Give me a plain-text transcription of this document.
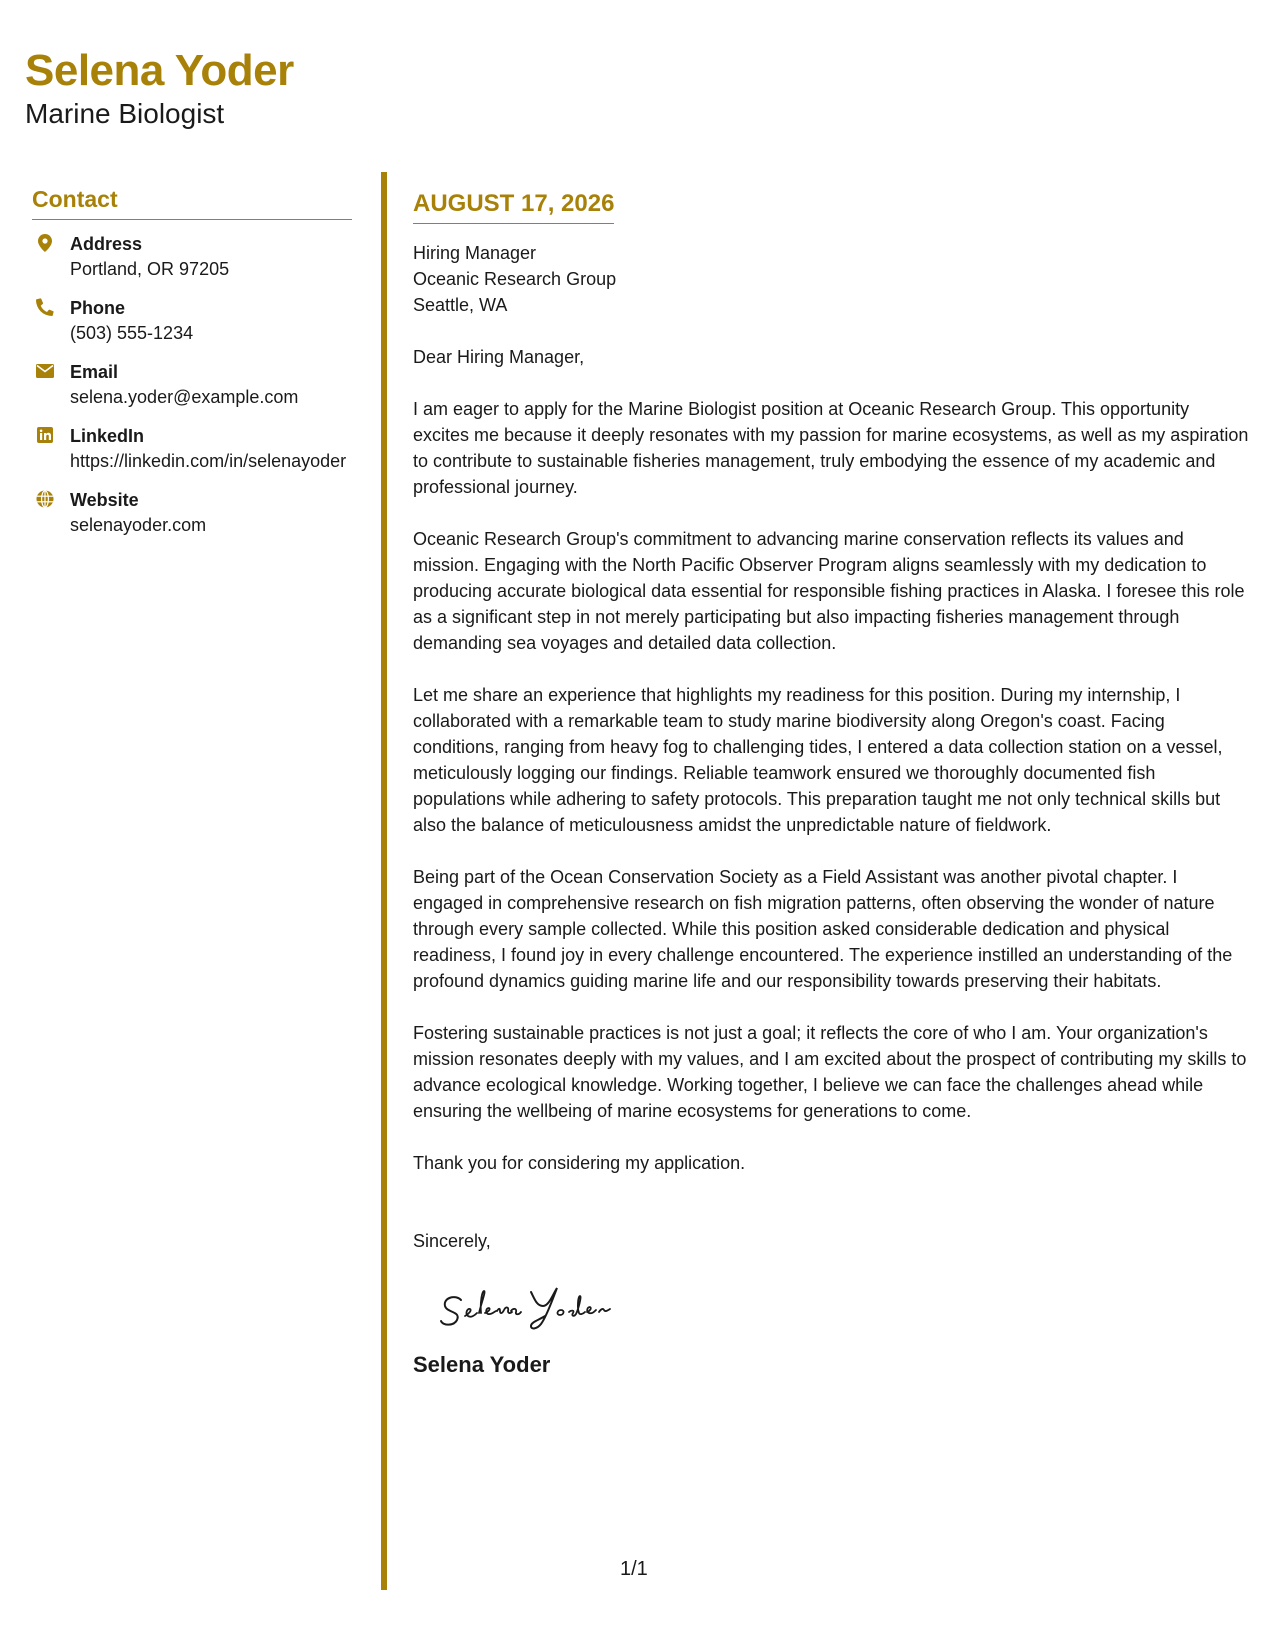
Selena Yoder
Marine Biologist
Contact
Address
Portland, OR 97205
Phone
(503) 555-1234
Email
selena.yoder@example.com
LinkedIn
https://linkedin.com/in/selenayoder
Website
selenayoder.com
AUGUST 17, 2026
Hiring Manager
Oceanic Research Group
Seattle, WA

Dear Hiring Manager,

I am eager to apply for the Marine Biologist position at Oceanic Research Group. This opportunity excites me because it deeply resonates with my passion for marine ecosystems, as well as my aspiration to contribute to sustainable fisheries management, truly embodying the essence of my academic and professional journey.

Oceanic Research Group's commitment to advancing marine conservation reflects its values and mission. Engaging with the North Pacific Observer Program aligns seamlessly with my dedication to producing accurate biological data essential for responsible fishing practices in Alaska. I foresee this role as a significant step in not merely participating but also impacting fisheries management through demanding sea voyages and detailed data collection.

Let me share an experience that highlights my readiness for this position. During my internship, I collaborated with a remarkable team to study marine biodiversity along Oregon's coast. Facing conditions, ranging from heavy fog to challenging tides, I entered a data collection station on a vessel, meticulously logging our findings. Reliable teamwork ensured we thoroughly documented fish populations while adhering to safety protocols. This preparation taught me not only technical skills but also the balance of meticulousness amidst the unpredictable nature of fieldwork.

Being part of the Ocean Conservation Society as a Field Assistant was another pivotal chapter. I engaged in comprehensive research on fish migration patterns, often observing the wonder of nature through every sample collected. While this position asked considerable dedication and physical readiness, I found joy in every challenge encountered. The experience instilled an understanding of the profound dynamics guiding marine life and our responsibility towards preserving their habitats.

Fostering sustainable practices is not just a goal; it reflects the core of who I am. Your organization's mission resonates deeply with my values, and I am excited about the prospect of contributing my skills to advance ecological knowledge. Working together, I believe we can face the challenges ahead while ensuring the wellbeing of marine ecosystems for generations to come.

Thank you for considering my application.

Sincerely,
Selena Yoder
1/1
